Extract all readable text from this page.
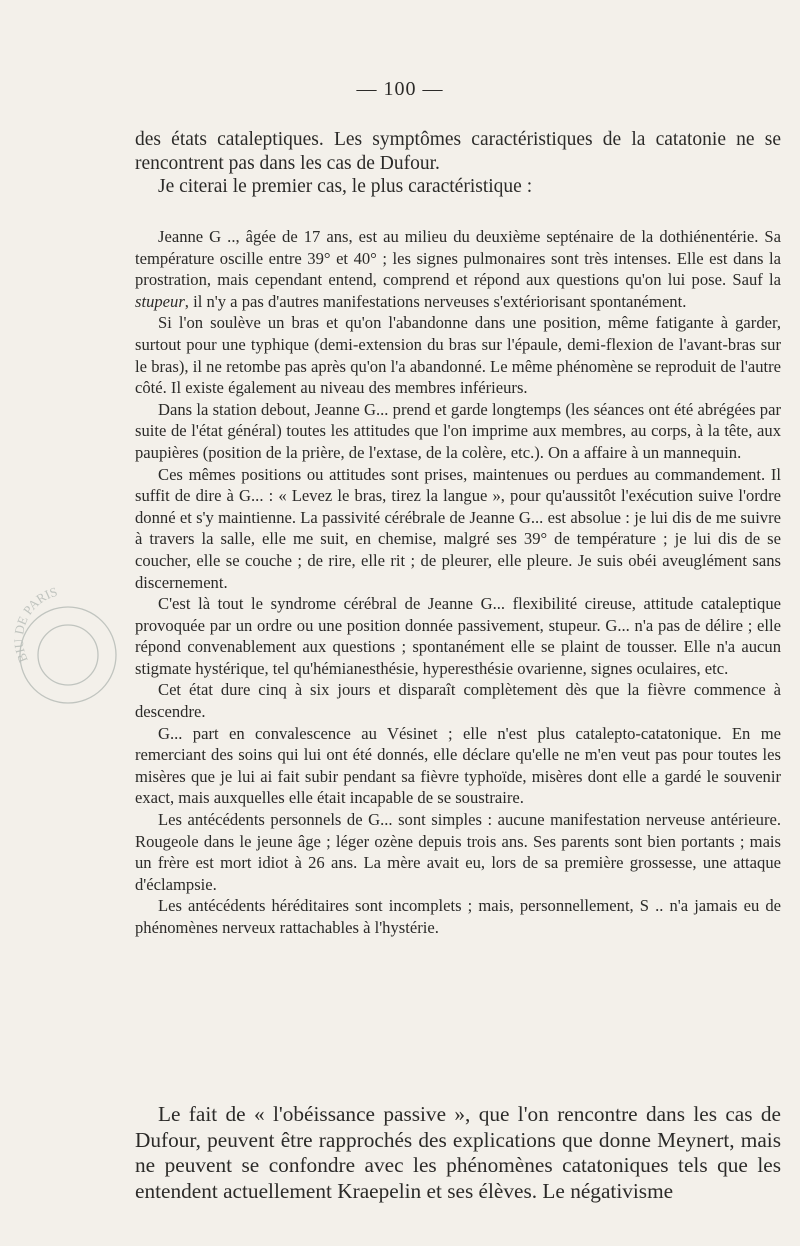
— 100 —

des états cataleptiques. Les symptômes caractéristiques de la catatonie ne se rencontrent pas dans les cas de Dufour.

Je citerai le premier cas, le plus caractéristique :

Jeanne G .., âgée de 17 ans, est au milieu du deuxième septénaire de la dothiénentérie. Sa température oscille entre 39° et 40° ; les signes pulmonaires sont très intenses. Elle est dans la prostration, mais cependant entend, comprend et répond aux questions qu'on lui pose. Sauf la stupeur, il n'y a pas d'autres manifestations nerveuses s'extériorisant spontanément.

Si l'on soulève un bras et qu'on l'abandonne dans une position, même fatigante à garder, surtout pour une typhique (demi-extension du bras sur l'épaule, demi-flexion de l'avant-bras sur le bras), il ne retombe pas après qu'on l'a abandonné. Le même phénomène se reproduit de l'autre côté. Il existe également au niveau des membres inférieurs.

Dans la station debout, Jeanne G... prend et garde longtemps (les séances ont été abrégées par suite de l'état général) toutes les attitudes que l'on imprime aux membres, au corps, à la tête, aux paupières (position de la prière, de l'extase, de la colère, etc.). On a affaire à un mannequin.

Ces mêmes positions ou attitudes sont prises, maintenues ou perdues au commandement. Il suffit de dire à G... : « Levez le bras, tirez la langue », pour qu'aussitôt l'exécution suive l'ordre donné et s'y maintienne. La passivité cérébrale de Jeanne G... est absolue : je lui dis de me suivre à travers la salle, elle me suit, en chemise, malgré ses 39° de température ; je lui dis de se coucher, elle se couche ; de rire, elle rit ; de pleurer, elle pleure. Je suis obéi aveuglément sans discernement.

C'est là tout le syndrome cérébral de Jeanne G... flexibilité cireuse, attitude cataleptique provoquée par un ordre ou une position donnée passivement, stupeur. G... n'a pas de délire ; elle répond convenablement aux questions ; spontanément elle se plaint de tousser. Elle n'a aucun stigmate hystérique, tel qu'hémianesthésie, hyperesthésie ovarienne, signes oculaires, etc.

Cet état dure cinq à six jours et disparaît complètement dès que la fièvre commence à descendre.

G... part en convalescence au Vésinet ; elle n'est plus catalepto-catatonique. En me remerciant des soins qui lui ont été donnés, elle déclare qu'elle ne m'en veut pas pour toutes les misères que je lui ai fait subir pendant sa fièvre typhoïde, misères dont elle a gardé le souvenir exact, mais auxquelles elle était incapable de se soustraire.

Les antécédents personnels de G... sont simples : aucune manifestation nerveuse antérieure. Rougeole dans le jeune âge ; léger ozène depuis trois ans. Ses parents sont bien portants ; mais un frère est mort idiot à 26 ans. La mère avait eu, lors de sa première grossesse, une attaque d'éclampsie.

Les antécédents héréditaires sont incomplets ; mais, personnellement, S .. n'a jamais eu de phénomènes nerveux rattachables à l'hystérie.

Le fait de « l'obéissance passive », que l'on rencontre dans les cas de Dufour, peuvent être rapprochés des explications que donne Meynert, mais ne peuvent se confondre avec les phénomènes catatoniques tels que les entendent actuellement Kraepelin et ses élèves. Le négativisme

BIU DE PARIS
